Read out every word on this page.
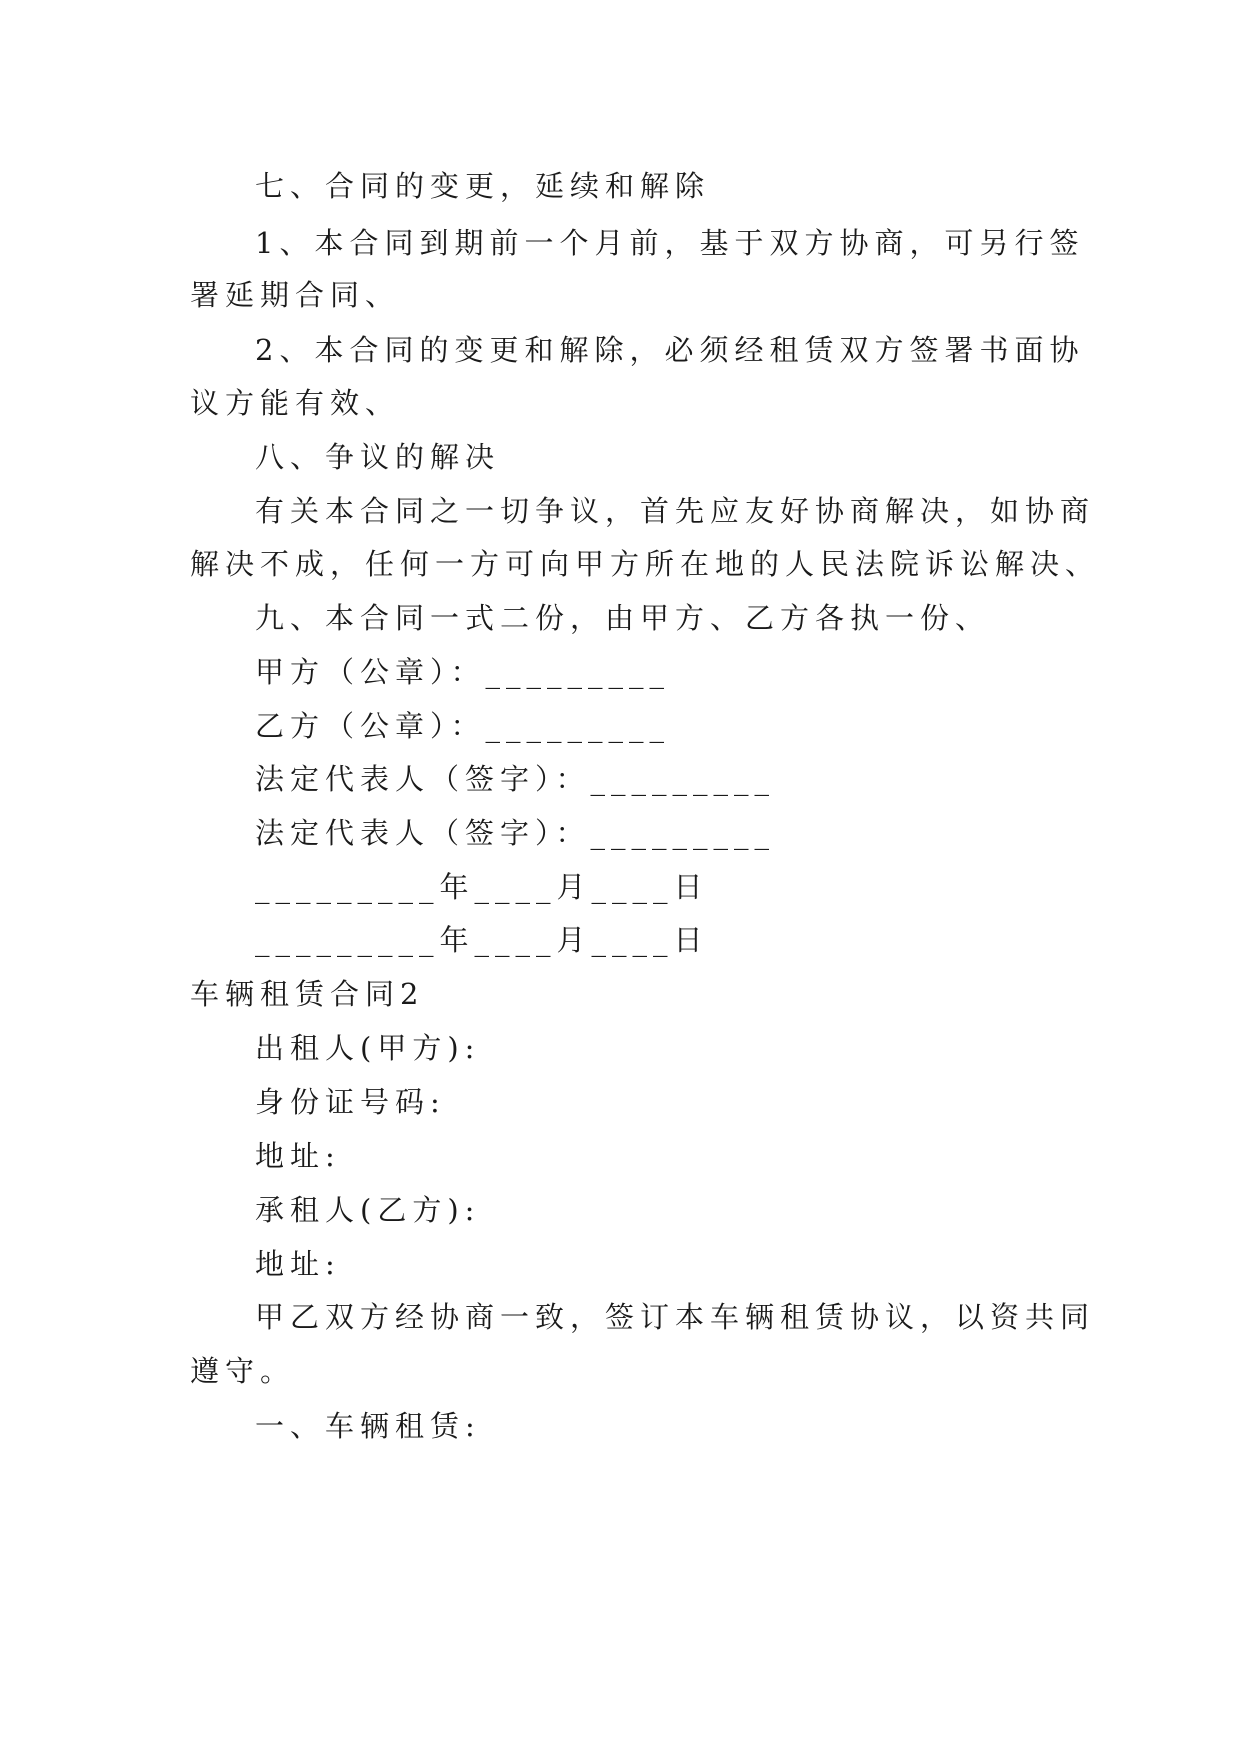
七、合同的变更，延续和解除
1、本合同到期前一个月前，基于双方协商，可另行签
署延期合同、
2、本合同的变更和解除，必须经租赁双方签署书面协
议方能有效、
八、争议的解决
有关本合同之一切争议，首先应友好协商解决，如协商
解决不成，任何一方可向甲方所在地的人民法院诉讼解决、
九、本合同一式二份，由甲方、乙方各执一份、
甲方（公章）：_________
乙方（公章）：_________
法定代表人（签字）：_________
法定代表人（签字）：_________
_________年____月____日
_________年____月____日
车辆租赁合同2
出租人(甲方):
身份证号码:
地址:
承租人(乙方):
地址:
甲乙双方经协商一致，签订本车辆租赁协议，以资共同
遵守。
一、车辆租赁:
